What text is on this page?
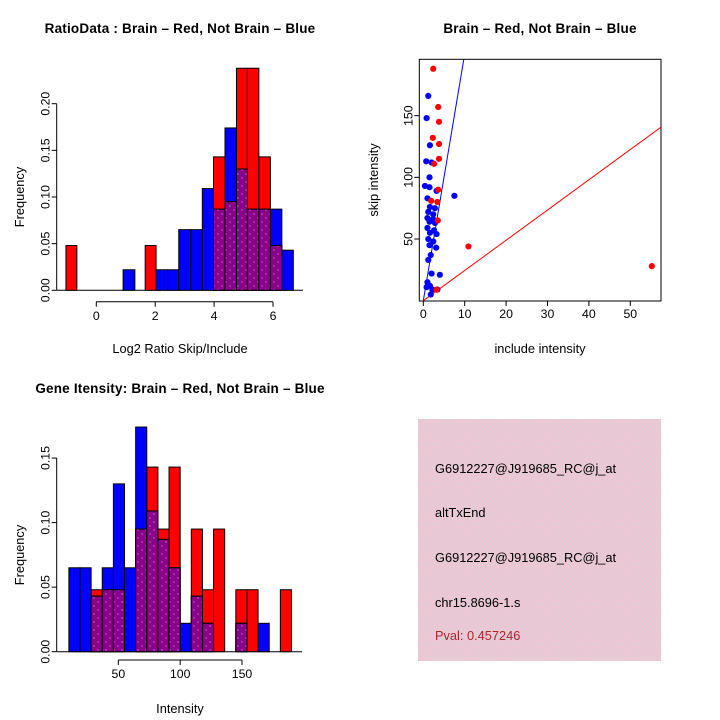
RatioData : Brain – Red, Not Brain – Blue
Frequency
Log2 Ratio Skip/Include
0.00
0.05
0.10
0.15
0.20
0	2	4	6
Brain – Red, Not Brain – Blue
skip intensity
include intensity
0	10 20 30 40 50
50
100
150
Gene Itensity: Brain – Red, Not Brain – Blue
Frequency
Intensity
0.00
0.05
0.10
0.15
50	100	150
G6912227@J919685_RC@j_at
altTxEnd
G6912227@J919685_RC@j_at
chr15.8696-1.s
Pval: 0.457246
